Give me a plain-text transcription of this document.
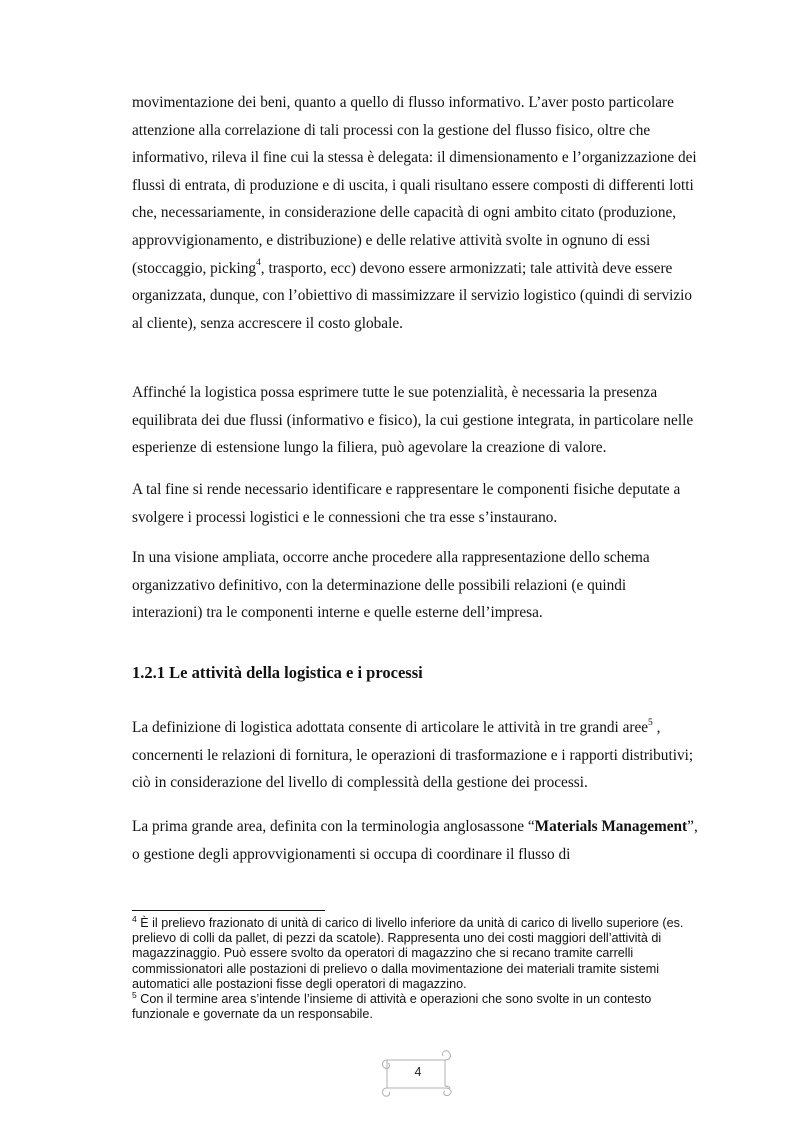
movimentazione dei beni, quanto a quello di flusso informativo. L’aver posto particolare attenzione alla correlazione di tali processi con la gestione del flusso fisico, oltre che informativo, rileva il fine cui la stessa è delegata: il dimensionamento e l’organizzazione dei flussi di entrata, di produzione e di uscita, i quali risultano essere composti di differenti lotti che, necessariamente, in considerazione delle capacità di ogni ambito citato (produzione, approvvigionamento, e distribuzione) e delle relative attività svolte in ognuno di essi (stoccaggio, picking$^4$, trasporto, ecc) devono essere armonizzati; tale attività deve essere organizzata, dunque, con l’obiettivo di massimizzare il servizio logistico (quindi di servizio al cliente), senza accrescere il costo globale.

Affinché la logistica possa esprimere tutte le sue potenzialità, è necessaria la presenza equilibrata dei due flussi (informativo e fisico), la cui gestione integrata, in particolare nelle esperienze di estensione lungo la filiera, può agevolare la creazione di valore.

A tal fine si rende necessario identificare e rappresentare le componenti fisiche deputate a svolgere i processi logistici e le connessioni che tra esse s’instaurano.

In una visione ampliata, occorre anche procedere alla rappresentazione dello schema organizzativo definitivo, con la determinazione delle possibili relazioni (e quindi interazioni) tra le componenti interne e quelle esterne dell’impresa.

1.2.1 Le attività della logistica e i processi

La definizione di logistica adottata consente di articolare le attività in tre grandi aree$^5$ , concernenti le relazioni di fornitura, le operazioni di trasformazione e i rapporti distributivi; ciò in considerazione del livello di complessità della gestione dei processi.

La prima grande area, definita con la terminologia anglosassone “Materials Management”, o gestione degli approvvigionamenti si occupa di coordinare il flusso di

$^4$ È il prelievo frazionato di unità di carico di livello inferiore da unità di carico di livello superiore (es. prelievo di colli da pallet, di pezzi da scatole). Rappresenta uno dei costi maggiori dell’attività di magazzinaggio. Può essere svolto da operatori di magazzino che si recano tramite carrelli commissionatori alle postazioni di prelievo o dalla movimentazione dei materiali tramite sistemi automatici alle postazioni fisse degli operatori di magazzino.

$^5$ Con il termine area s’intende l’insieme di attività e operazioni che sono svolte in un contesto funzionale e governate da un responsabile.

4
